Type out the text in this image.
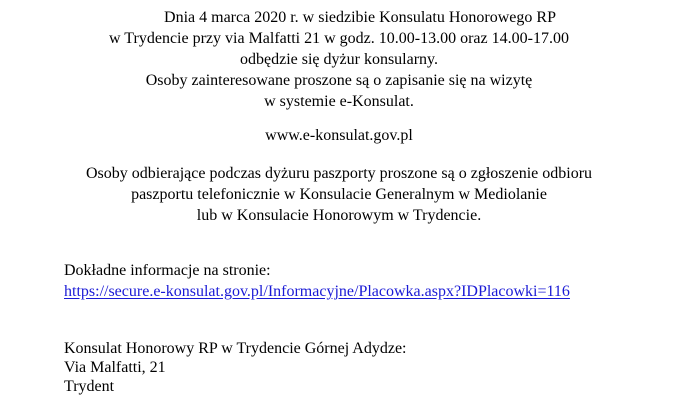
Dnia 4 marca 2020 r. w siedzibie Konsulatu Honorowego RP
w Trydencie przy via Malfatti 21 w godz. 10.00-13.00 oraz 14.00-17.00
odbędzie się dyżur konsularny.
Osoby zainteresowane proszone są o zapisanie się na wizytę
w systemie e-Konsulat.
www.e-konsulat.gov.pl
Osoby odbierające podczas dyżuru paszporty proszone są o zgłoszenie odbioru
paszportu telefonicznie w Konsulacie Generalnym w Mediolanie
lub w Konsulacie Honorowym w Trydencie.
Dokładne informacje na stronie:
https://secure.e-konsulat.gov.pl/Informacyjne/Placowka.aspx?IDPlacowki=116
Konsulat Honorowy RP w Trydencie Górnej Adydze:
Via Malfatti, 21
Trydent
